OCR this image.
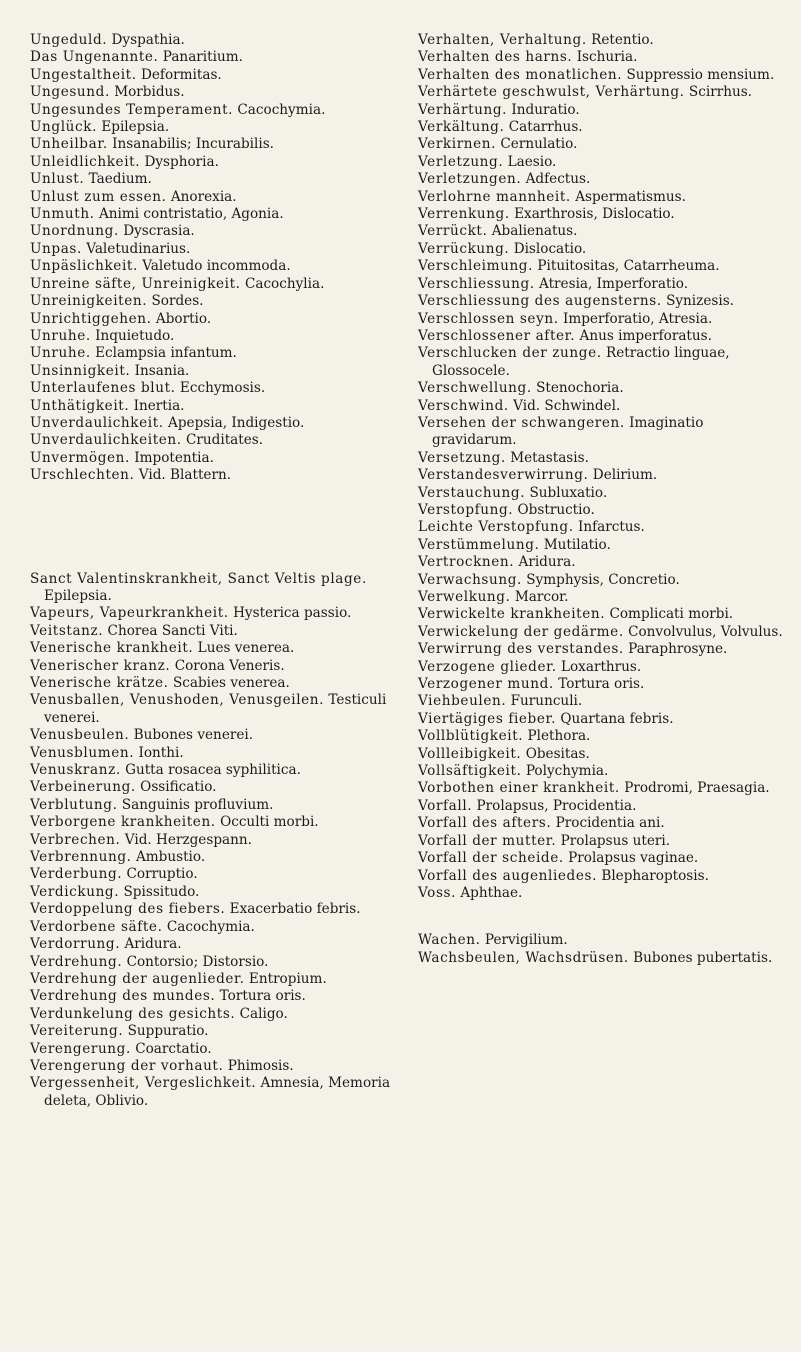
Ungeduld. Dyspathia.

Das Ungenannte. Panaritium.

Ungestaltheit. Deformitas.

Ungesund. Morbidus.

Ungesundes Temperament. Cacochymia.

Unglück. Epilepsia.

Unheilbar. Insanabilis; Incurabilis.

Unleidlichkeit. Dysphoria.

Unlust. Taedium.

Unlust zum essen. Anorexia.

Unmuth. Animi contristatio, Agonia.

Unordnung. Dyscrasia.

Unpas. Valetudinarius.

Unpäslichkeit. Valetudo incommoda.

Unreine säfte, Unreinigkeit. Cacochylia.

Unreinigkeiten. Sordes.

Unrichtiggehen. Abortio.

Unruhe. Inquietudo.

Unruhe. Eclampsia infantum.

Unsinnigkeit. Insania.

Unterlaufenes blut. Ecchymosis.

Unthätigkeit. Inertia.

Unverdaulichkeit. Apepsia, Indigestio.

Unverdaulichkeiten. Cruditates.

Unvermögen. Impotentia.

Urschlechten. Vid. Blattern.

Sanct Valentinskrankheit, Sanct Veltis plage. Epilepsia.

Vapeurs, Vapeurkrankheit. Hysterica passio.

Veitstanz. Chorea Sancti Viti.

Venerische krankheit. Lues venerea.

Venerischer kranz. Corona Veneris.

Venerische krätze. Scabies venerea.

Venusballen, Venushoden, Venusgeilen. Testiculi venerei.

Venusbeulen. Bubones venerei.

Venusblumen. Ionthi.

Venuskranz. Gutta rosacea syphilitica.

Verbeinerung. Ossificatio.

Verblutung. Sanguinis profluvium.

Verborgene krankheiten. Occulti morbi.

Verbrechen. Vid. Herzgespann.

Verbrennung. Ambustio.

Verderbung. Corruptio.

Verdickung. Spissitudo.

Verdoppelung des fiebers. Exacerbatio febris.

Verdorbene säfte. Cacochymia.

Verdorrung. Aridura.

Verdrehung. Contorsio; Distorsio.

Verdrehung der augenlieder. Entropium.

Verdrehung des mundes. Tortura oris.

Verdunkelung des gesichts. Caligo.

Vereiterung. Suppuratio.

Verengerung. Coarctatio.

Verengerung der vorhaut. Phimosis.

Vergessenheit, Vergeslichkeit. Amnesia, Memoria deleta, Oblivio.

Verhalten, Verhaltung. Retentio.

Verhalten des harns. Ischuria.

Verhalten des monatlichen. Suppressio mensium.

Verhärtete geschwulst, Verhärtung. Scirrhus.

Verhärtung. Induratio.

Verkältung. Catarrhus.

Verkirnen. Cernulatio.

Verletzung. Laesio.

Verletzungen. Adfectus.

Verlohrne mannheit. Aspermatismus.

Verrenkung. Exarthrosis, Dislocatio.

Verrückt. Abalienatus.

Verrückung. Dislocatio.

Verschleimung. Pituitositas, Catarrheuma.

Verschliessung. Atresia, Imperforatio.

Verschliessung des augensterns. Synizesis.

Verschlossen seyn. Imperforatio, Atresia.

Verschlossener after. Anus imperforatus.

Verschlucken der zunge. Retractio linguae, Glossocele.

Verschwellung. Stenochoria.

Verschwind. Vid. Schwindel.

Versehen der schwangeren. Imaginatio gravidarum.

Versetzung. Metastasis.

Verstandesverwirrung. Delirium.

Verstauchung. Subluxatio.

Verstopfung. Obstructio.

Leichte Verstopfung. Infarctus.

Verstümmelung. Mutilatio.

Vertrocknen. Aridura.

Verwachsung. Symphysis, Concretio.

Verwelkung. Marcor.

Verwickelte krankheiten. Complicati morbi.

Verwickelung der gedärme. Convolvulus, Volvulus.

Verwirrung des verstandes. Paraphrosyne.

Verzogene glieder. Loxarthrus.

Verzogener mund. Tortura oris.

Viehbeulen. Furunculi.

Viertägiges fieber. Quartana febris.

Vollblütigkeit. Plethora.

Vollleibigkeit. Obesitas.

Vollsäftigkeit. Polychymia.

Vorbothen einer krankheit. Prodromi, Praesagia.

Vorfall. Prolapsus, Procidentia.

Vorfall des afters. Procidentia ani.

Vorfall der mutter. Prolapsus uteri.

Vorfall der scheide. Prolapsus vaginae.

Vorfall des augenliedes. Blepharoptosis.

Voss. Aphthae.

Wachen. Pervigilium.

Wachsbeulen, Wachsdrüsen. Bubones pubertatis.
